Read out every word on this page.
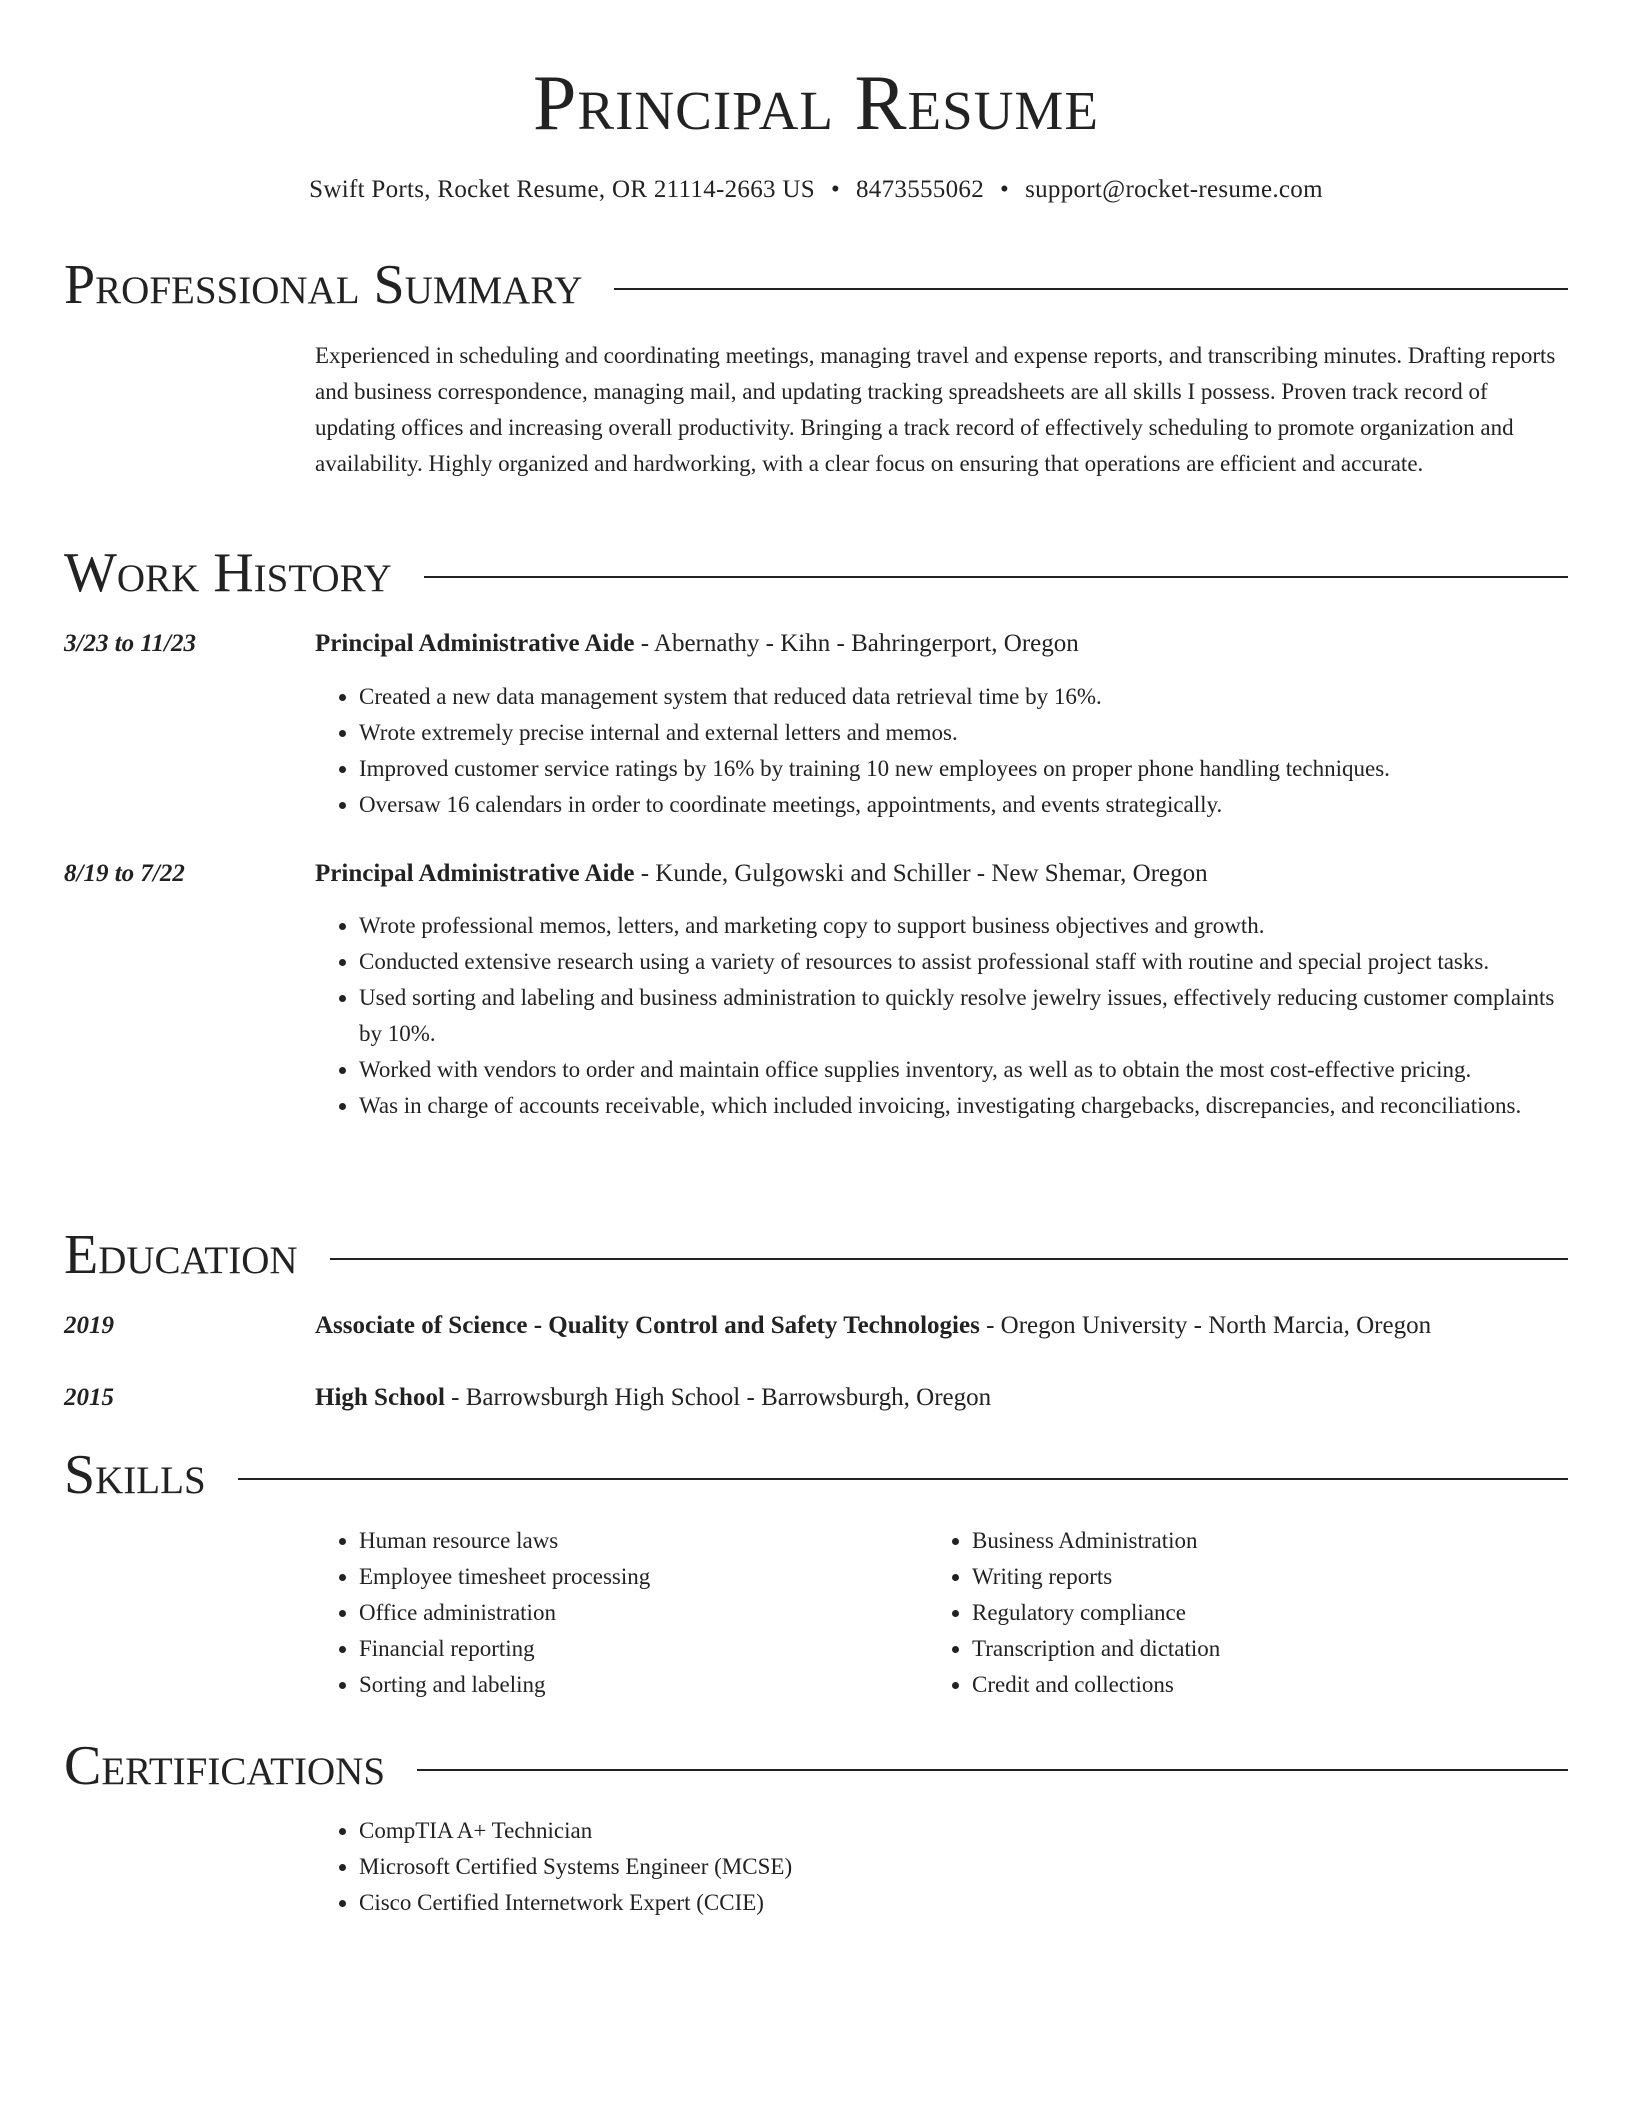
Principal Resume
Swift Ports, Rocket Resume, OR 21114-2663 US • 8473555062 • support@rocket-resume.com
Professional Summary

Experienced in scheduling and coordinating meetings, managing travel and expense reports, and transcribing minutes. Drafting reports and business correspondence, managing mail, and updating tracking spreadsheets are all skills I possess. Proven track record of updating offices and increasing overall productivity. Bringing a track record of effectively scheduling to promote organization and availability. Highly organized and hardworking, with a clear focus on ensuring that operations are efficient and accurate.

Work History
3/23 to 11/23	Principal Administrative Aide - Abernathy - Kihn - Bahringerport, Oregon
• Created a new data management system that reduced data retrieval time by 16%.
• Wrote extremely precise internal and external letters and memos.
• Improved customer service ratings by 16% by training 10 new employees on proper phone handling techniques.
• Oversaw 16 calendars in order to coordinate meetings, appointments, and events strategically.
8/19 to 7/22	Principal Administrative Aide - Kunde, Gulgowski and Schiller - New Shemar, Oregon
• Wrote professional memos, letters, and marketing copy to support business objectives and growth.
• Conducted extensive research using a variety of resources to assist professional staff with routine and special project tasks.
• Used sorting and labeling and business administration to quickly resolve jewelry issues, effectively reducing customer complaints by 10%.
• Worked with vendors to order and maintain office supplies inventory, as well as to obtain the most cost-effective pricing.
• Was in charge of accounts receivable, which included invoicing, investigating chargebacks, discrepancies, and reconciliations.
Education
2019	Associate of Science - Quality Control and Safety Technologies - Oregon University - North Marcia, Oregon
2015	High School - Barrowsburgh High School - Barrowsburgh, Oregon
Skills
• Human resource laws
• Employee timesheet processing
• Office administration
• Financial reporting
• Sorting and labeling
• Business Administration
• Writing reports
• Regulatory compliance
• Transcription and dictation
• Credit and collections
Certifications
• CompTIA A+ Technician
• Microsoft Certified Systems Engineer (MCSE)
• Cisco Certified Internetwork Expert (CCIE)
